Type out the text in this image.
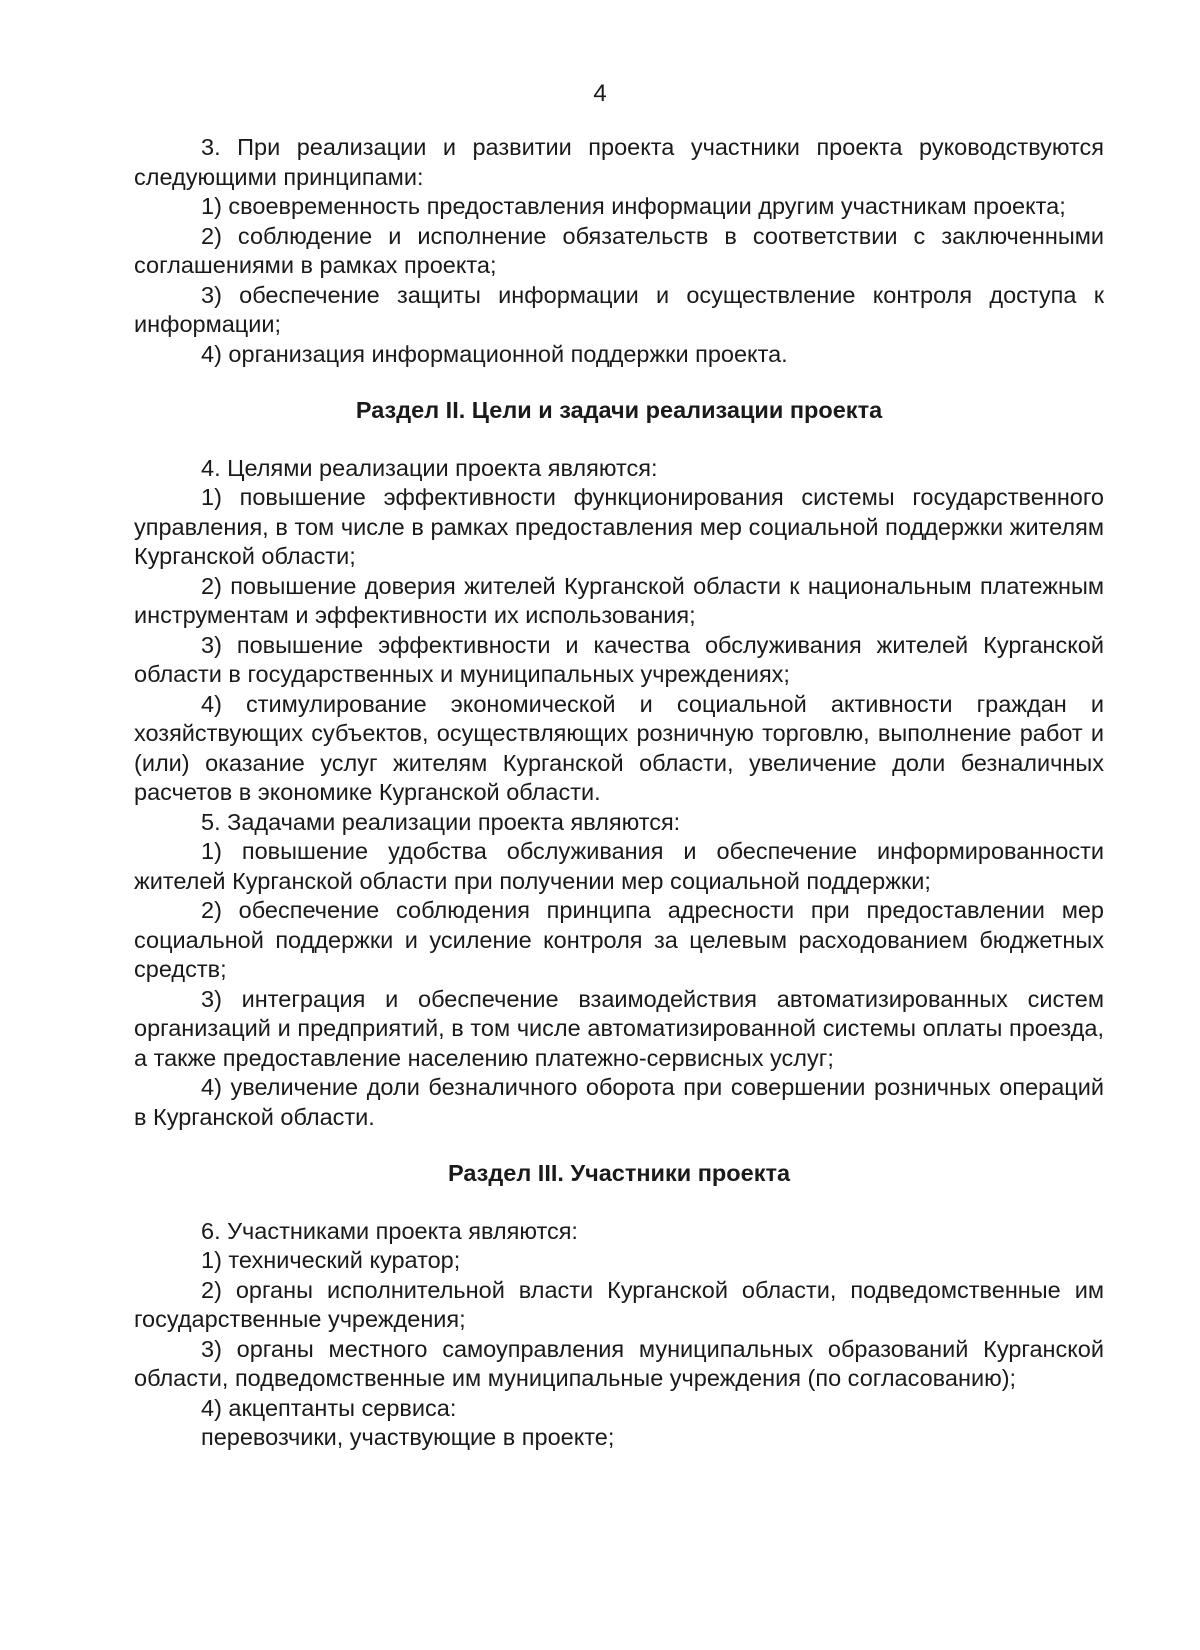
4

3. При реализации и развитии проекта участники проекта руководствуются следующими принципами:

1) своевременность предоставления информации другим участникам проекта;

2) соблюдение и исполнение обязательств в соответствии с заключенными соглашениями в рамках проекта;

3) обеспечение защиты информации и осуществление контроля доступа к информации;

4) организация информационной поддержки проекта.

Раздел II. Цели и задачи реализации проекта

4. Целями реализации проекта являются:

1) повышение эффективности функционирования системы государственного управления, в том числе в рамках предоставления мер социальной поддержки жителям Курганской области;

2) повышение доверия жителей Курганской области к национальным платежным инструментам и эффективности их использования;

3) повышение эффективности и качества обслуживания жителей Курганской области в государственных и муниципальных учреждениях;

4) стимулирование экономической и социальной активности граждан и хозяйствующих субъектов, осуществляющих розничную торговлю, выполнение работ и (или) оказание услуг жителям Курганской области, увеличение доли безналичных расчетов в экономике Курганской области.

5. Задачами реализации проекта являются:

1) повышение удобства обслуживания и обеспечение информированности жителей Курганской области при получении мер социальной поддержки;

2) обеспечение соблюдения принципа адресности при предоставлении мер социальной поддержки и усиление контроля за целевым расходованием бюджетных средств;

3) интеграция и обеспечение взаимодействия автоматизированных систем организаций и предприятий, в том числе автоматизированной системы оплаты проезда, а также предоставление населению платежно-сервисных услуг;

4) увеличение доли безналичного оборота при совершении розничных операций в Курганской области.

Раздел III. Участники проекта

6. Участниками проекта являются:

1) технический куратор;

2) органы исполнительной власти Курганской области, подведомственные им государственные учреждения;

3) органы местного самоуправления муниципальных образований Курганской области, подведомственные им муниципальные учреждения (по согласованию);

4) акцептанты сервиса:

перевозчики, участвующие в проекте;
